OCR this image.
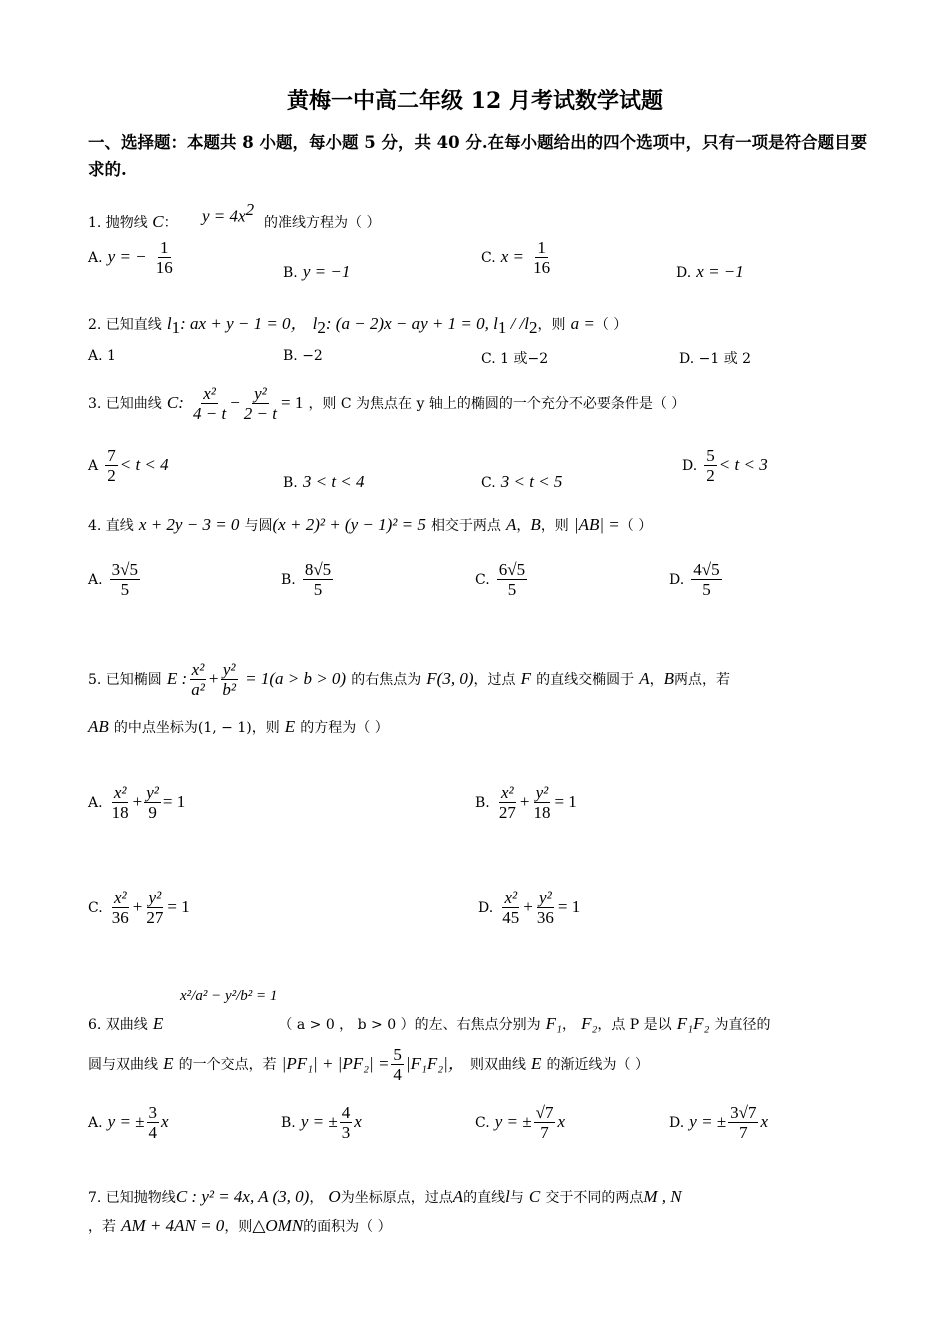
黄梅一中高二年级 12 月考试数学试题
一、选择题：本题共 8 小题，每小题 5 分，共 40 分.在每小题给出的四个选项中，只有一项是符合题目要求的.
1. 抛物线 C： $y = 4x^2$
的准线方程为（ ）
A. y = − $\frac{1}{16}$	B. y = −1
C. $x = \frac{1}{16}$	D. x = −1
2. 已知直线 $l_1$: ax + y − 1 = 0， $l_2$: (a − 2)x − ay + 1 = 0, $l_1 / /l_2$，则 a =（ ）
A. 1	B. −2	C. 1 或−2	D. −1 或 2
3. 已知曲线 C: $\frac{\text{x²}}{4 - t} - \frac{\text{y²}}{2 - t} = 1$ ，则 C 为焦点在 y 轴上的椭圆的一个充分不必要条件是（ ）
A $\frac{7}{2} < t < 4$
B. 3 < t < 4	C. 3 < t < 5
D. $\frac{5}{2} < t < 3$
4. 直线 x + 2y − 3 = 0 与圆(x + 2)² + (y − 1)² = 5 相交于两点 A，B，则 |AB| =（ ）
A. $\frac{3√5}{5}$	B. $\frac{8√5}{5}$	C. $\frac{6√5}{5}$	D. $\frac{4√5}{5}$
5. 已知椭圆 E : $\frac{\text{x²}}{\text{a²}} + \frac{\text{y²}}{\text{b²}} = 1(a > b > 0)$ 的右焦点为 F(3, 0)，过点 F 的直线交椭圆于 A，B两点，若
AB 的中点坐标为(1, − 1)，则 E 的方程为（ ）
A. $\frac{\text{x²}}{18} + \frac{\text{y²}}{9} = 1$	B. $\frac{\text{x²}}{27} + \frac{\text{y²}}{18} = 1$
C. $\frac{\text{x²}}{36} + \frac{\text{y²}}{27} = 1$	D. $\frac{\text{x²}}{45} + \frac{\text{y²}}{36} = 1$
x²/a² − y²/b² = 1
6. 双曲线 E	（ a > 0 ， b > 0 ）的左、右焦点分别为 F₁， F₂，点 P 是以 F₁F₂ 为直径的
圆与双曲线 E 的一个交点，若 $|PF_1| + |PF_2| = \frac{5}{4} |F_1F_2|$， 则双曲线 E 的渐近线为（ ）
A. y = ± $\frac{3}{4}$ x	B. y = ± $\frac{4}{3}$ x	C. y = ± $\frac{√7}{7}$ x	D. y = ± $\frac{3√7}{7}$ x
7. 已知抛物线C : y² = 4x, A (3, 0)， O为坐标原点，过点A的直线l与 C 交于不同的两点M , N
，若 AM + 4AN = 0，则△OMN的面积为（ ）
